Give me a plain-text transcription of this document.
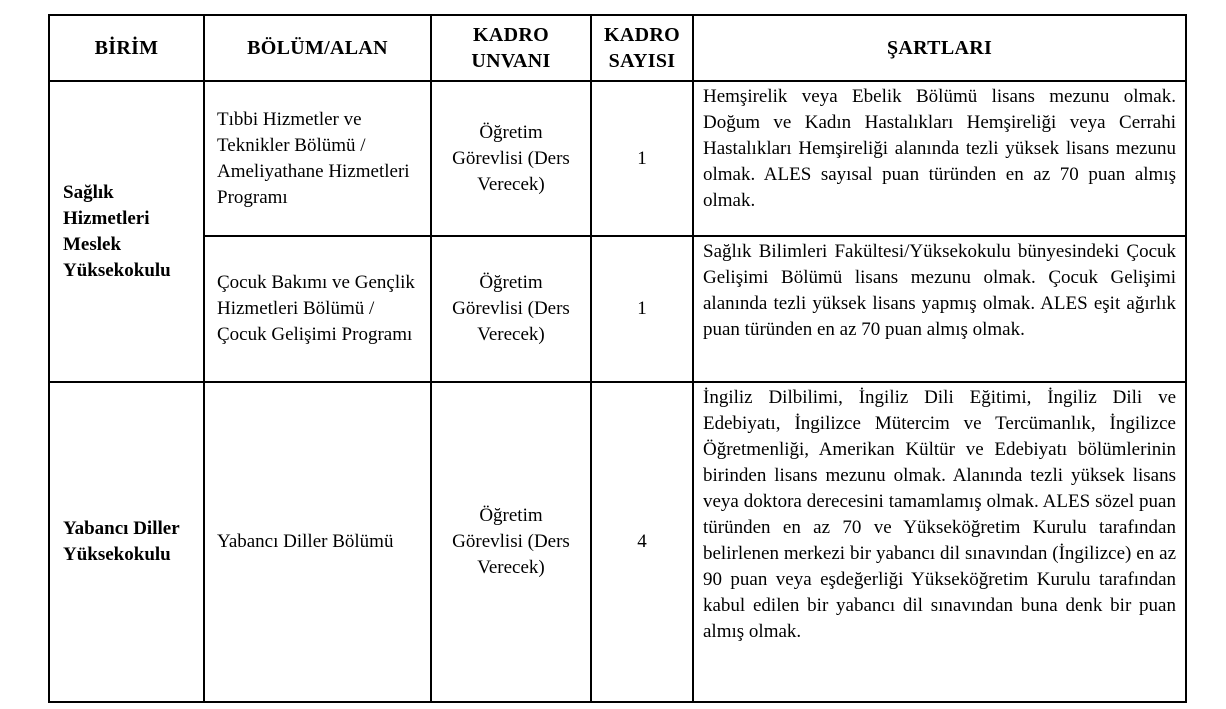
BİRİM	BÖLÜM/ALAN	KADRO UNVANI	KADRO SAYISI	ŞARTLARI
Sağlık Hizmetleri Meslek Yüksekokulu	Tıbbi Hizmetler ve Teknikler Bölümü / Ameliyathane Hizmetleri Programı	Öğretim Görevlisi (Ders Verecek)	1	Hemşirelik veya Ebelik Bölümü lisans mezunu olmak. Doğum ve Kadın Hastalıkları Hemşireliği veya Cerrahi Hastalıkları Hemşireliği alanında tezli yüksek lisans mezunu olmak. ALES sayısal puan türünden en az 70 puan almış olmak.
	Çocuk Bakımı ve Gençlik Hizmetleri Bölümü / Çocuk Gelişimi Programı	Öğretim Görevlisi (Ders Verecek)	1	Sağlık Bilimleri Fakültesi/Yüksekokulu bünyesindeki Çocuk Gelişimi Bölümü lisans mezunu olmak. Çocuk Gelişimi alanında tezli yüksek lisans yapmış olmak. ALES eşit ağırlık puan türünden en az 70 puan almış olmak.
Yabancı Diller Yüksekokulu	Yabancı Diller Bölümü	Öğretim Görevlisi (Ders Verecek)	4	İngiliz Dilbilimi, İngiliz Dili Eğitimi, İngiliz Dili ve Edebiyatı, İngilizce Mütercim ve Tercümanlık, İngilizce Öğretmenliği, Amerikan Kültür ve Edebiyatı bölümlerinin birinden lisans mezunu olmak. Alanında tezli yüksek lisans veya doktora derecesini tamamlamış olmak. ALES sözel puan türünden en az 70 ve Yükseköğretim Kurulu tarafından belirlenen merkezi bir yabancı dil sınavından (İngilizce) en az 90 puan veya eşdeğerliği Yükseköğretim Kurulu tarafından kabul edilen bir yabancı dil sınavından buna denk bir puan almış olmak.
